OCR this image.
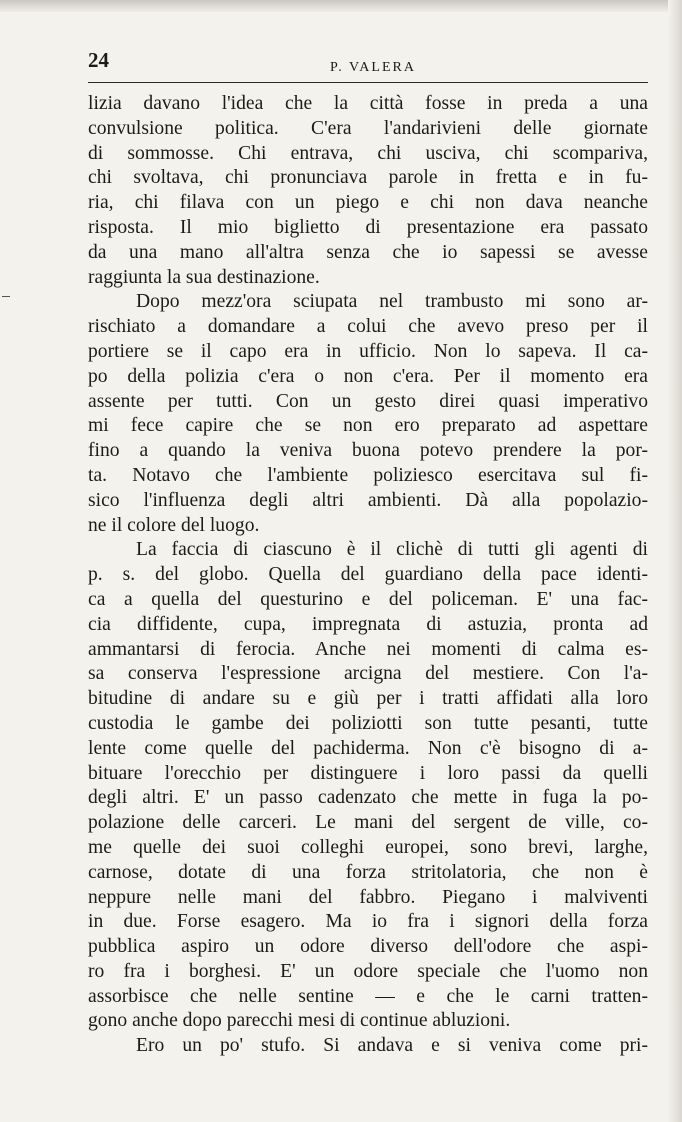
24	P. VALERA
lizia davano l'idea che la città fosse in preda a una
convulsione politica. C'era l'andarivieni delle giornate
di sommosse. Chi entrava, chi usciva, chi scompariva,
chi svoltava, chi pronunciava parole in fretta e in fu-
ria, chi filava con un piego e chi non dava neanche
risposta. Il mio biglietto di presentazione era passato
da una mano all'altra senza che io sapessi se avesse
raggiunta la sua destinazione.
Dopo mezz'ora sciupata nel trambusto mi sono ar-
rischiato a domandare a colui che avevo preso per il
portiere se il capo era in ufficio. Non lo sapeva. Il ca-
po della polizia c'era o non c'era. Per il momento era
assente per tutti. Con un gesto direi quasi imperativo
mi fece capire che se non ero preparato ad aspettare
fino a quando la veniva buona potevo prendere la por-
ta. Notavo che l'ambiente poliziesco esercitava sul fi-
sico l'influenza degli altri ambienti. Dà alla popolazio-
ne il colore del luogo.
La faccia di ciascuno è il clichè di tutti gli agenti di
p. s. del globo. Quella del guardiano della pace identi-
ca a quella del questurino e del policeman. E' una fac-
cia diffidente, cupa, impregnata di astuzia, pronta ad
ammantarsi di ferocia. Anche nei momenti di calma es-
sa conserva l'espressione arcigna del mestiere. Con l'a-
bitudine di andare su e giù per i tratti affidati alla loro
custodia le gambe dei poliziotti son tutte pesanti, tutte
lente come quelle del pachiderma. Non c'è bisogno di a-
bituare l'orecchio per distinguere i loro passi da quelli
degli altri. E' un passo cadenzato che mette in fuga la po-
polazione delle carceri. Le mani del sergent de ville, co-
me quelle dei suoi colleghi europei, sono brevi, larghe,
carnose, dotate di una forza stritolatoria, che non è
neppure nelle mani del fabbro. Piegano i malviventi
in due. Forse esagero. Ma io fra i signori della forza
pubblica aspiro un odore diverso dell'odore che aspi-
ro fra i borghesi. E' un odore speciale che l'uomo non
assorbisce che nelle sentine — e che le carni tratten-
gono anche dopo parecchi mesi di continue abluzioni.
Ero un po' stufo. Si andava e si veniva come pri-
